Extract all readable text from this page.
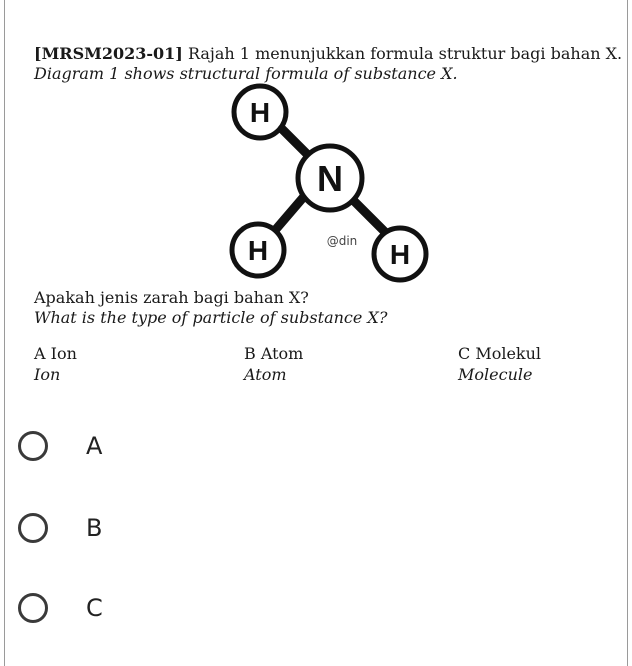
[MRSM2023-01] Rajah 1 menunjukkan formula struktur bagi bahan X.
Diagram 1 shows structural formula of substance X.
H
N
H	H
@din
Apakah jenis zarah bagi bahan X?
What is the type of particle of substance X?
A Ion
Ion
B Atom
Atom
C Molekul
Molecule
A
B
C
